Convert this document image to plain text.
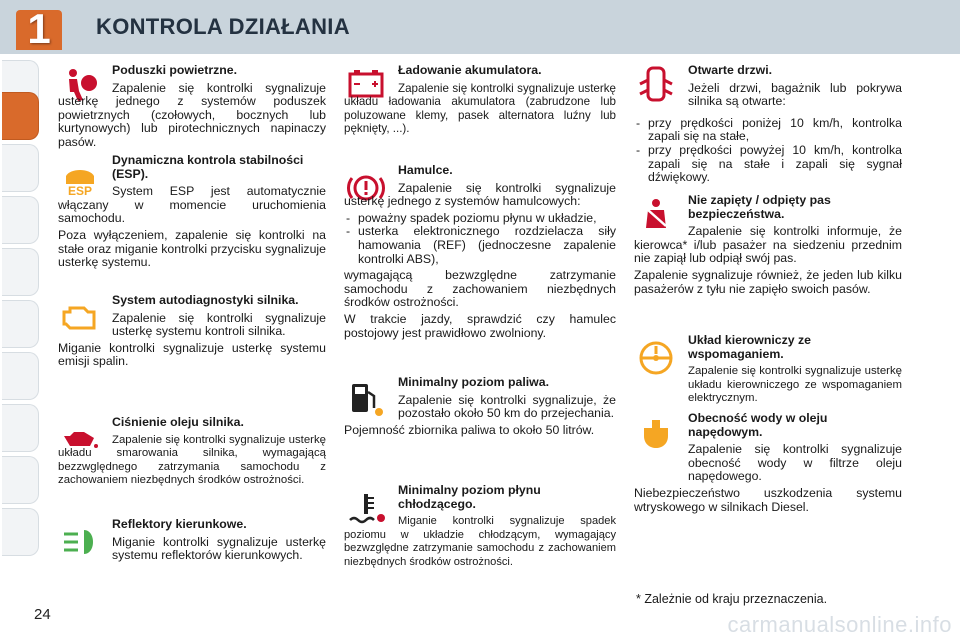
1	KONTROLA DZIAŁANIA
Poduszki powietrzne.

Zapalenie się kontrolki sygnalizuje usterkę jednego z systemów poduszek powietrznych (czołowych, bocznych lub kurtynowych) lub pirotechnicznych napinaczy pasów.

ESP
Dynamiczna kontrola stabilności (ESP).

System ESP jest automatycznie włączany w momencie uruchomienia samochodu.

Poza wyłączeniem, zapalenie się kontrolki na stałe oraz miganie kontrolki przycisku sygnalizuje usterkę systemu.

System autodiagnostyki silnika.

Zapalenie się kontrolki sygnalizuje usterkę systemu kontroli silnika.

Miganie kontrolki sygnalizuje usterkę systemu emisji spalin.

Ciśnienie oleju silnika.

Zapalenie się kontrolki sygnalizuje usterkę układu smarowania silnika, wymagającą bezzwględnego zatrzymania samochodu z zachowaniem niezbędnych środków ostrożności.

Reflektory kierunkowe.

Miganie kontrolki sygnalizuje usterkę systemu reflektorów kierunkowych.

Ładowanie akumulatora.

Zapalenie się kontrolki sygnalizuje usterkę układu ładowania akumulatora (zabrudzone lub poluzowane klemy, pasek alternatora luźny lub pęknięty, ...).

Hamulce.

Zapalenie się kontrolki sygnalizuje usterkę jednego z systemów hamulcowych:

- poważny spadek poziomu płynu w układzie,
- usterka elektronicznego rozdzielacza siły hamowania (REF) (jednoczesne zapalenie kontrolki ABS),

wymagającą bezwzględne zatrzymanie samochodu z zachowaniem niezbędnych środków ostrożności.

W trakcie jazdy, sprawdzić czy hamulec postojowy jest prawidłowo zwolniony.

Minimalny poziom paliwa.

Zapalenie się kontrolki sygnalizuje, że pozostało około 50 km do przejechania.

Pojemność zbiornika paliwa to około 50 litrów.

Minimalny poziom płynu chłodzącego.

Miganie kontrolki sygnalizuje spadek poziomu w układzie chłodzącym, wymagający bezwzględne zatrzymanie samochodu z zachowaniem niezbędnych środków ostrożności.

Otwarte drzwi.

Jeżeli drzwi, bagażnik lub pokrywa silnika są otwarte:

- przy prędkości poniżej 10 km/h, kontrolka zapali się na stałe,
- przy prędkości powyżej 10 km/h, kontrolka zapali się na stałe i zapali się sygnał dźwiękowy.
Nie zapięty / odpięty pas bezpieczeństwa.

Zapalenie się kontrolki informuje, że kierowca* i/lub pasażer na siedzeniu przednim nie zapiął lub odpiął swój pas.

Zapalenie sygnalizuje również, że jeden lub kilku pasażerów z tyłu nie zapięło swoich pasów.

Układ kierowniczy ze wspomaganiem.

Zapalenie się kontrolki sygnalizuje usterkę układu kierowniczego ze wspomaganiem elektrycznym.

Obecność wody w oleju napędowym.

Zapalenie się kontrolki sygnalizuje obecność wody w filtrze oleju napędowego.

Niebezpieczeństwo uszkodzenia systemu wtryskowego w silnikach Diesel.

* Zależnie od kraju przeznaczenia.
24	carmanualsonline.info
